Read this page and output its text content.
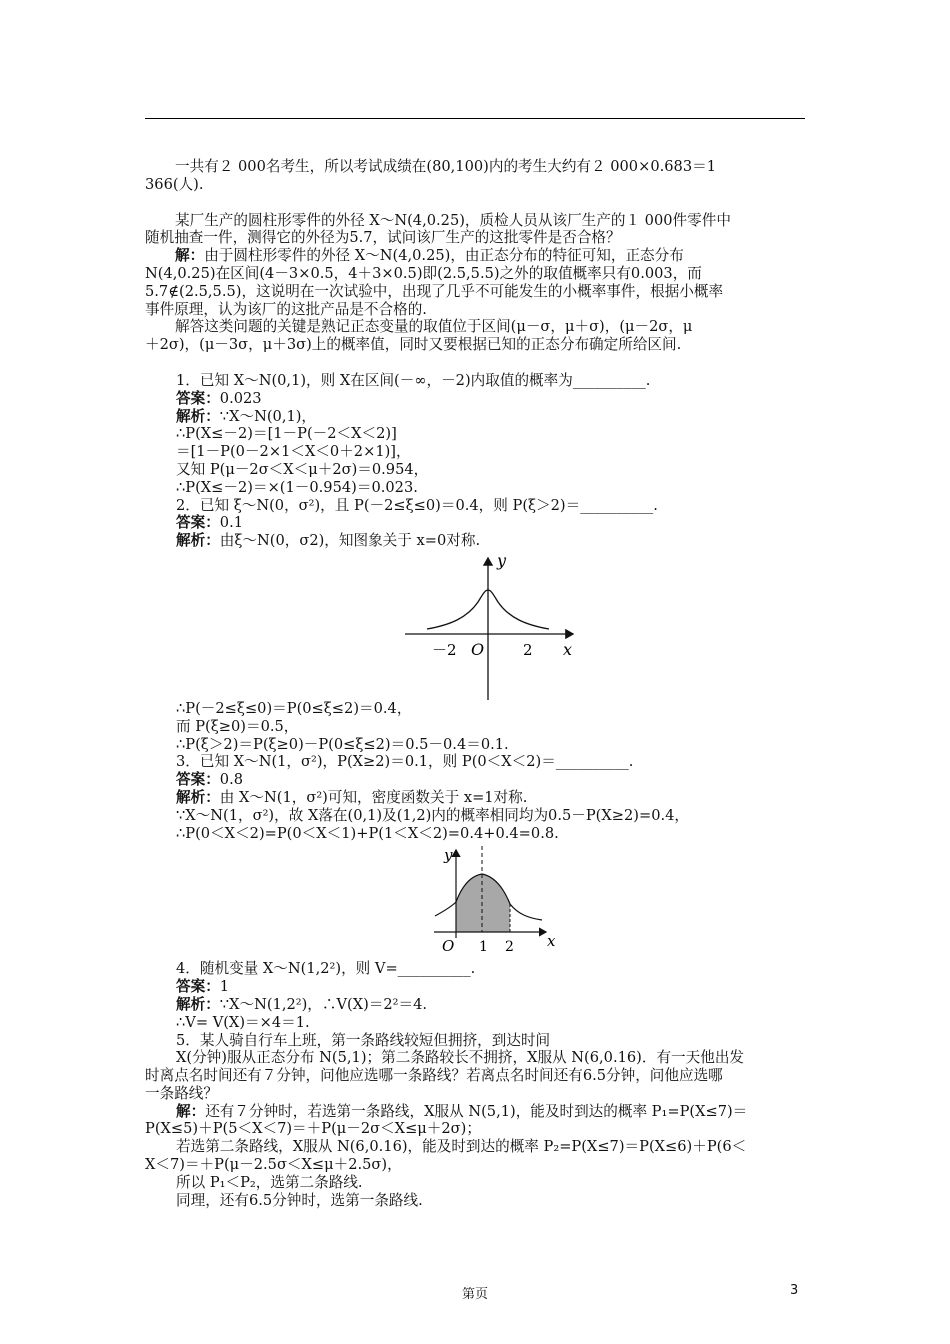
一共有２ 000名考生，所以考试成绩在(80,100)内的考生大约有２ 000×0.683＝1

366(人).

某厂生产的圆柱形零件的外径 X～N(4,0.25)，质检人员从该厂生产的１ 000件零件中

随机抽查一件，测得它的外径为5.7，试问该厂生产的这批零件是否合格？

解：由于圆柱形零件的外径 X～N(4,0.25)，由正态分布的特征可知，正态分布

N(4,0.25)在区间(4－3×0.5，4＋3×0.5)即(2.5,5.5)之外的取值概率只有0.003，而

5.7∉(2.5,5.5)，这说明在一次试验中，出现了几乎不可能发生的小概率事件，根据小概率

事件原理，认为该厂的这批产品是不合格的.

解答这类问题的关键是熟记正态变量的取值位于区间(μ－σ，μ＋σ)，(μ－2σ，μ

＋2σ)，(μ－3σ，μ＋3σ)上的概率值，同时又要根据已知的正态分布确定所给区间.

1．已知 X～N(0,1)，则 X在区间(－∞，－2)内取值的概率为__________.

答案：0.023

解析：∵X～N(0,1)，

∴P(X≤－2)＝[1－P(－2＜X＜2)]

＝[1－P(0－2×1＜X＜0＋2×1)]，

又知 P(μ－2σ＜X＜μ＋2σ)＝0.954，

∴P(X≤－2)＝×(1－0.954)＝0.023.

2．已知 ξ～N(0，σ²)，且 P(－2≤ξ≤0)＝0.4，则 P(ξ＞2)＝__________.

答案：0.1

解析：由ξ～N(0，σ2)，知图象关于 x=0对称.

y
x
O
－2	2

∴P(－2≤ξ≤0)＝P(0≤ξ≤2)＝0.4，

而 P(ξ≥0)＝0.5，

∴P(ξ＞2)＝P(ξ≥0)－P(0≤ξ≤2)＝0.5－0.4＝0.1.

3．已知 X～N(1，σ²)，P(X≥2)＝0.1，则 P(0＜X＜2)＝__________.

答案：0.8

解析：由 X～N(1，σ²)可知，密度函数关于 x=1对称.

∵X～N(1，σ²)，故 X落在(0,1)及(1,2)内的概率相同均为0.5－P(X≥2)=0.4，

∴P(0＜X＜2)=P(0＜X＜1)+P(1＜X＜2)=0.4+0.4=0.8.

y
x
O 1 2

4．随机变量 X～N(1,2²)，则 V=__________.

答案：1

解析：∵X～N(1,2²)，∴V(X)＝2²＝4.

∴V= V(X)＝×4＝1.

5．某人骑自行车上班，第一条路线较短但拥挤，到达时间

X(分钟)服从正态分布 N(5,1)；第二条路较长不拥挤，X服从 N(6,0.16)．有一天他出发

时离点名时间还有７分钟，问他应选哪一条路线？若离点名时间还有6.5分钟，问他应选哪

一条路线？

解：还有７分钟时，若选第一条路线，X服从 N(5,1)，能及时到达的概率 P₁=P(X≤7)＝

P(X≤5)＋P(5＜X＜7)＝＋P(μ－2σ＜X≤μ＋2σ)；

若选第二条路线，X服从 N(6,0.16)，能及时到达的概率 P₂=P(X≤7)＝P(X≤6)＋P(6＜

X＜7)＝＋P(μ－2.5σ＜X≤μ＋2.5σ)，

所以 P₁＜P₂，选第二条路线.

同理，还有6.5分钟时，选第一条路线.

第页	3
